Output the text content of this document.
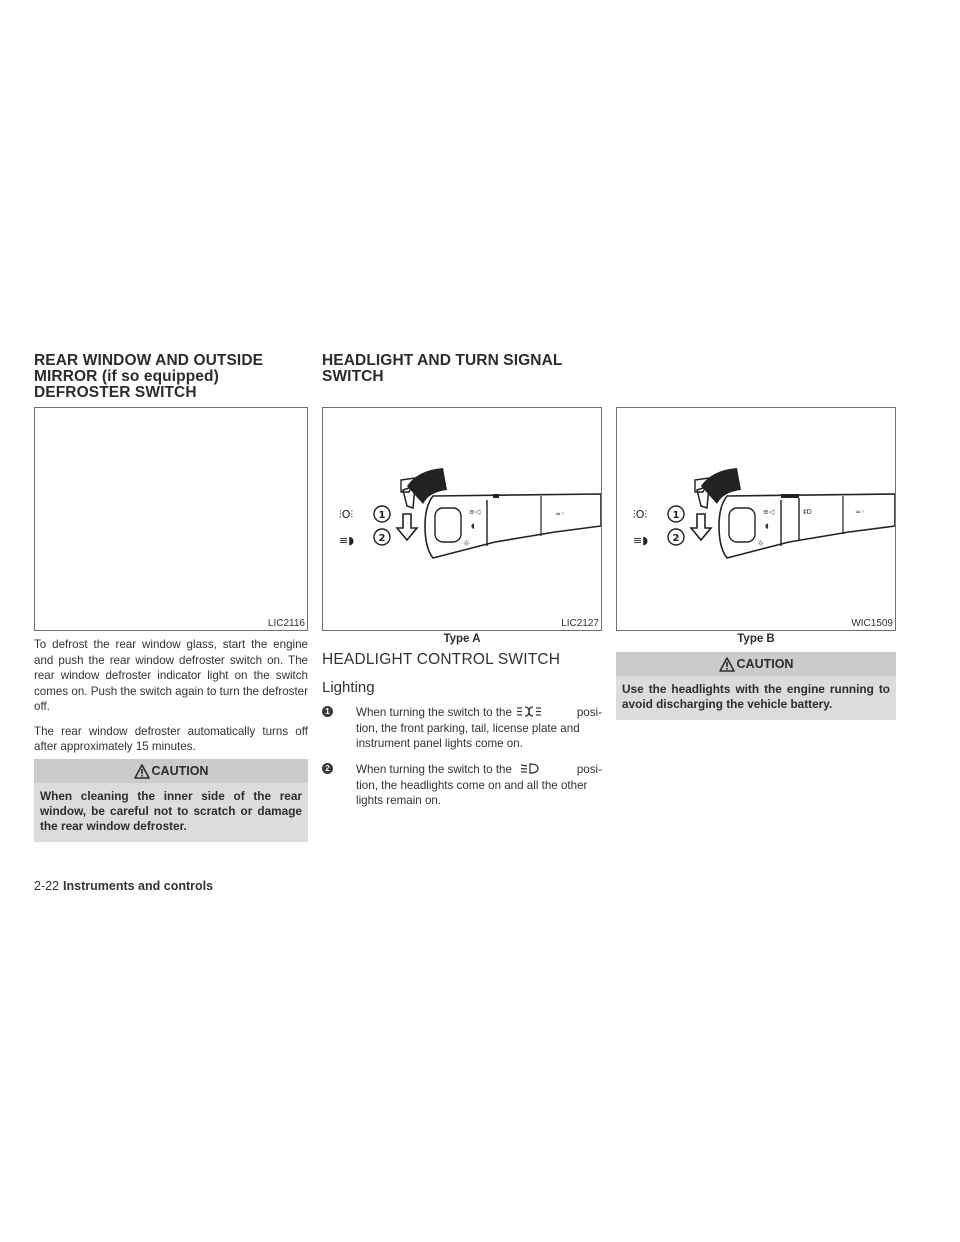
REAR WINDOW AND OUTSIDE
MIRROR (if so equipped)
DEFROSTER SWITCH
HEADLIGHT AND TURN SIGNAL
SWITCH
LIC2116
≡◁
◖
☼
≈◦
⫶O⫶
≡◗
1
2
LIC2127
Type A
≡◁
◖
☼
‡D	≈◦
⫶O⫶
≡◗
1
2
WIC1509
Type B

To defrost the rear window glass, start the engine and push the rear window defroster switch on. The rear window defroster indicator light on the switch comes on. Push the switch again to turn the defroster off.

The rear window defroster automatically turns off after approximately 15 minutes.

CAUTION
When cleaning the inner side of the rear window, be careful not to scratch or damage the rear window defroster.
HEADLIGHT CONTROL SWITCH
Lighting
1 When turning the switch to the	posi-
tion, the front parking, tail, license plate and instrument panel lights come on.
2 When turning the switch to the	posi-
tion, the headlights come on and all the other lights remain on.
CAUTION
Use the headlights with the engine running to avoid discharging the vehicle battery.
2-22 Instruments and controls
